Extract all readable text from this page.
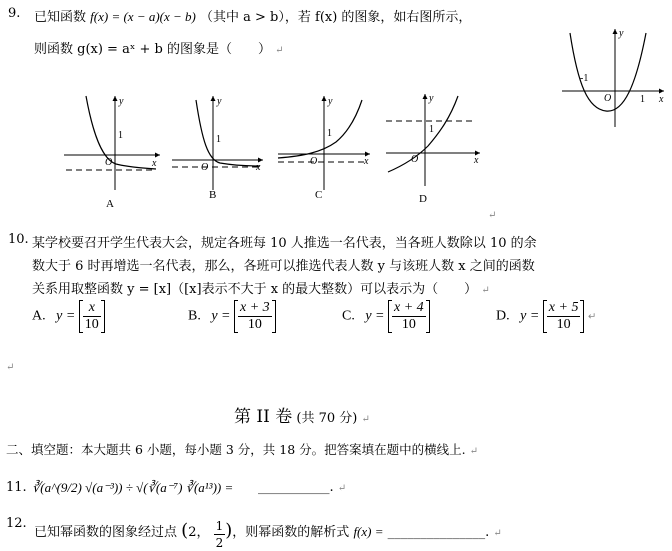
9. 已知函数 f(x) = (x − a)(x − b) （其中 a > b），若 f(x) 的图象，如右图所示，
则函数 g(x) = aˣ + b 的图象是（　　） ↵
-1
1
O	x
y
1
O	x
y
A
1
O	x
y
B
1
O	x
y
C
1
O	x
y
D
↵
10. 某学校要召开学生代表大会，规定各班每 10 人推选一名代表，当各班人数除以 10 的余
数大于 6 时再增选一名代表，那么，各班可以推选代表人数 y 与该班人数 x 之间的函数
关系用取整函数 y = [x]（[x]表示不大于 x 的最大整数）可以表示为（　　） ↵
A. $y = \frac{x}{10}$	B. $y = \frac{x + 3}{10}$	C. $y = \frac{x + 4}{10}$	D. $y = \frac{x + 5}{10}$ ↵
↵
第 II 卷 (共 70 分) ↵
二、填空题：本大题共 6 小题，每小题 3 分，共 18 分。把答案填在题中的横线上. ↵
11. ∛(a^(9/2) √(a⁻³)) ÷ √(∛(a⁻⁷) ∛(a¹³)) = ___________. ↵
12.
已知幂函数的图象经过点 (2， $\frac{1}{2}$ )，则幂函数的解析式 f(x) = _______________. ↵
